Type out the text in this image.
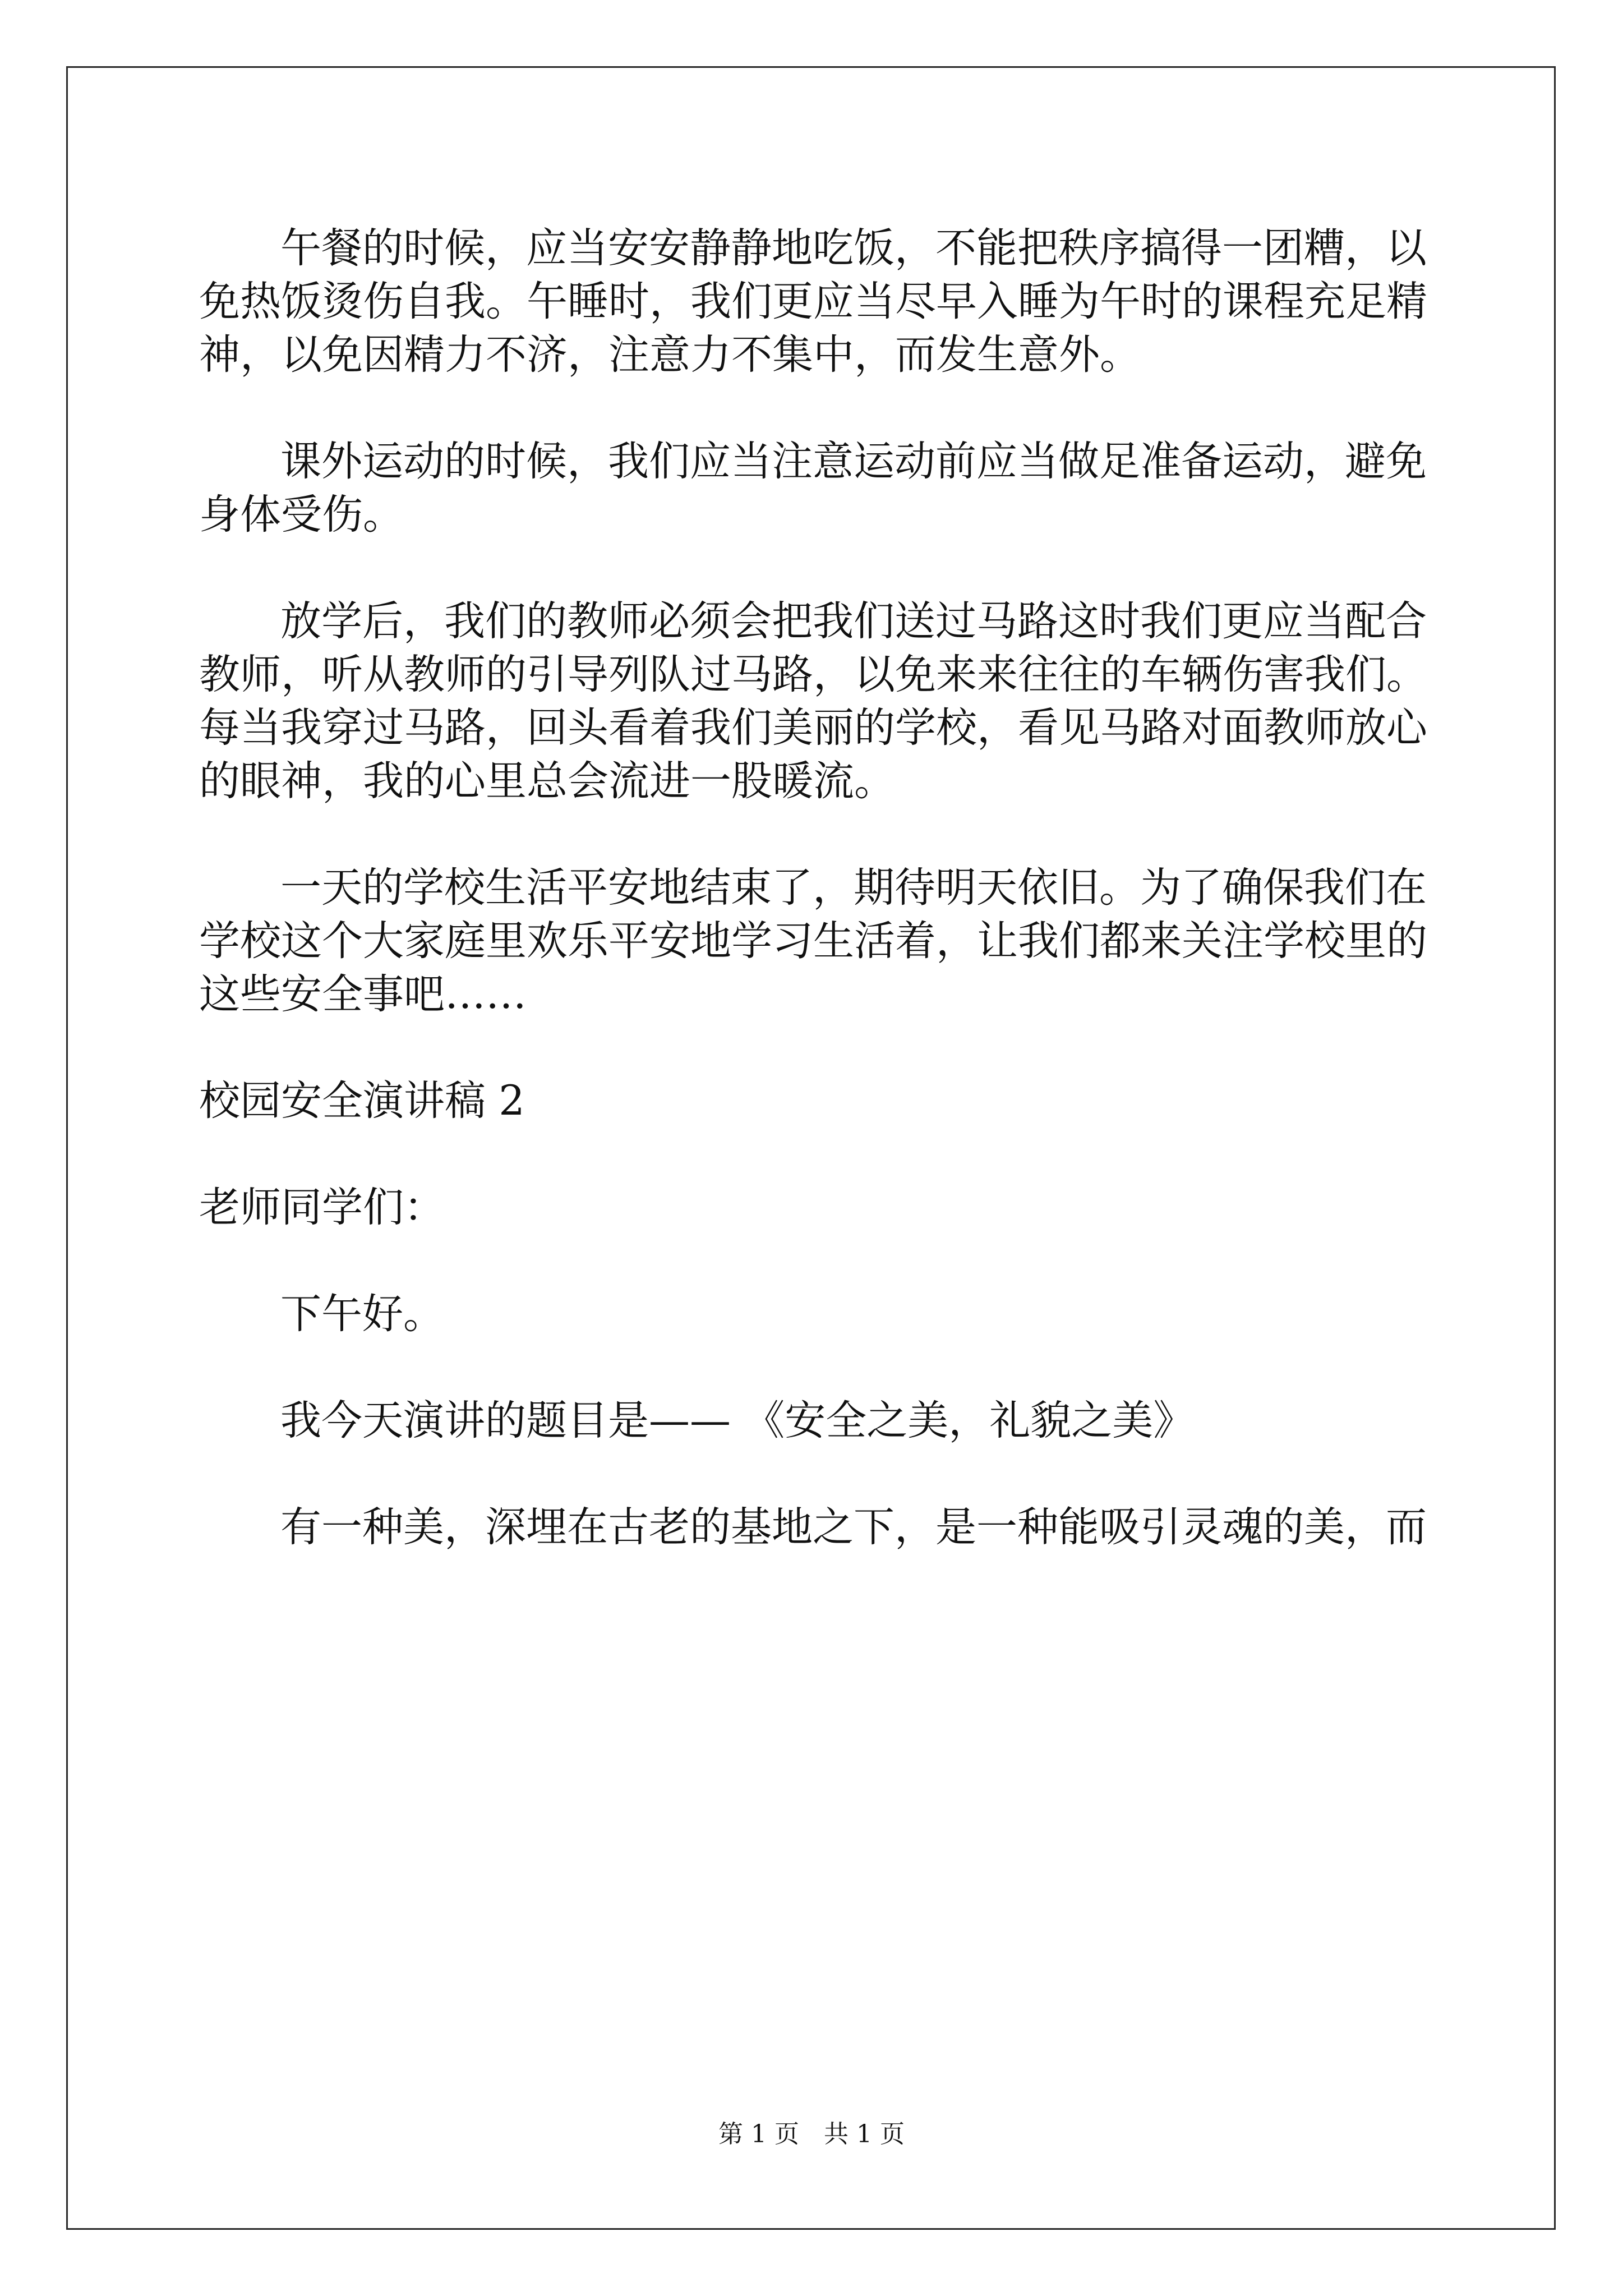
午餐的时候，应当安安静静地吃饭，不能把秩序搞得一团糟，以

免热饭烫伤自我。午睡时，我们更应当尽早入睡为午时的课程充足精

神，以免因精力不济，注意力不集中，而发生意外。

课外运动的时候，我们应当注意运动前应当做足准备运动，避免

身体受伤。

放学后，我们的教师必须会把我们送过马路这时我们更应当配合

教师，听从教师的引导列队过马路，以免来来往往的车辆伤害我们。

每当我穿过马路，回头看着我们美丽的学校，看见马路对面教师放心

的眼神，我的心里总会流进一股暖流。

一天的学校生活平安地结束了，期待明天依旧。为了确保我们在

学校这个大家庭里欢乐平安地学习生活着，让我们都来关注学校里的

这些安全事吧……

校园安全演讲稿 2

老师同学们：

下午好。

我今天演讲的题目是—— 《安全之美，礼貌之美》

有一种美，深埋在古老的基地之下，是一种能吸引灵魂的美，而

第 1 页　共 1 页
